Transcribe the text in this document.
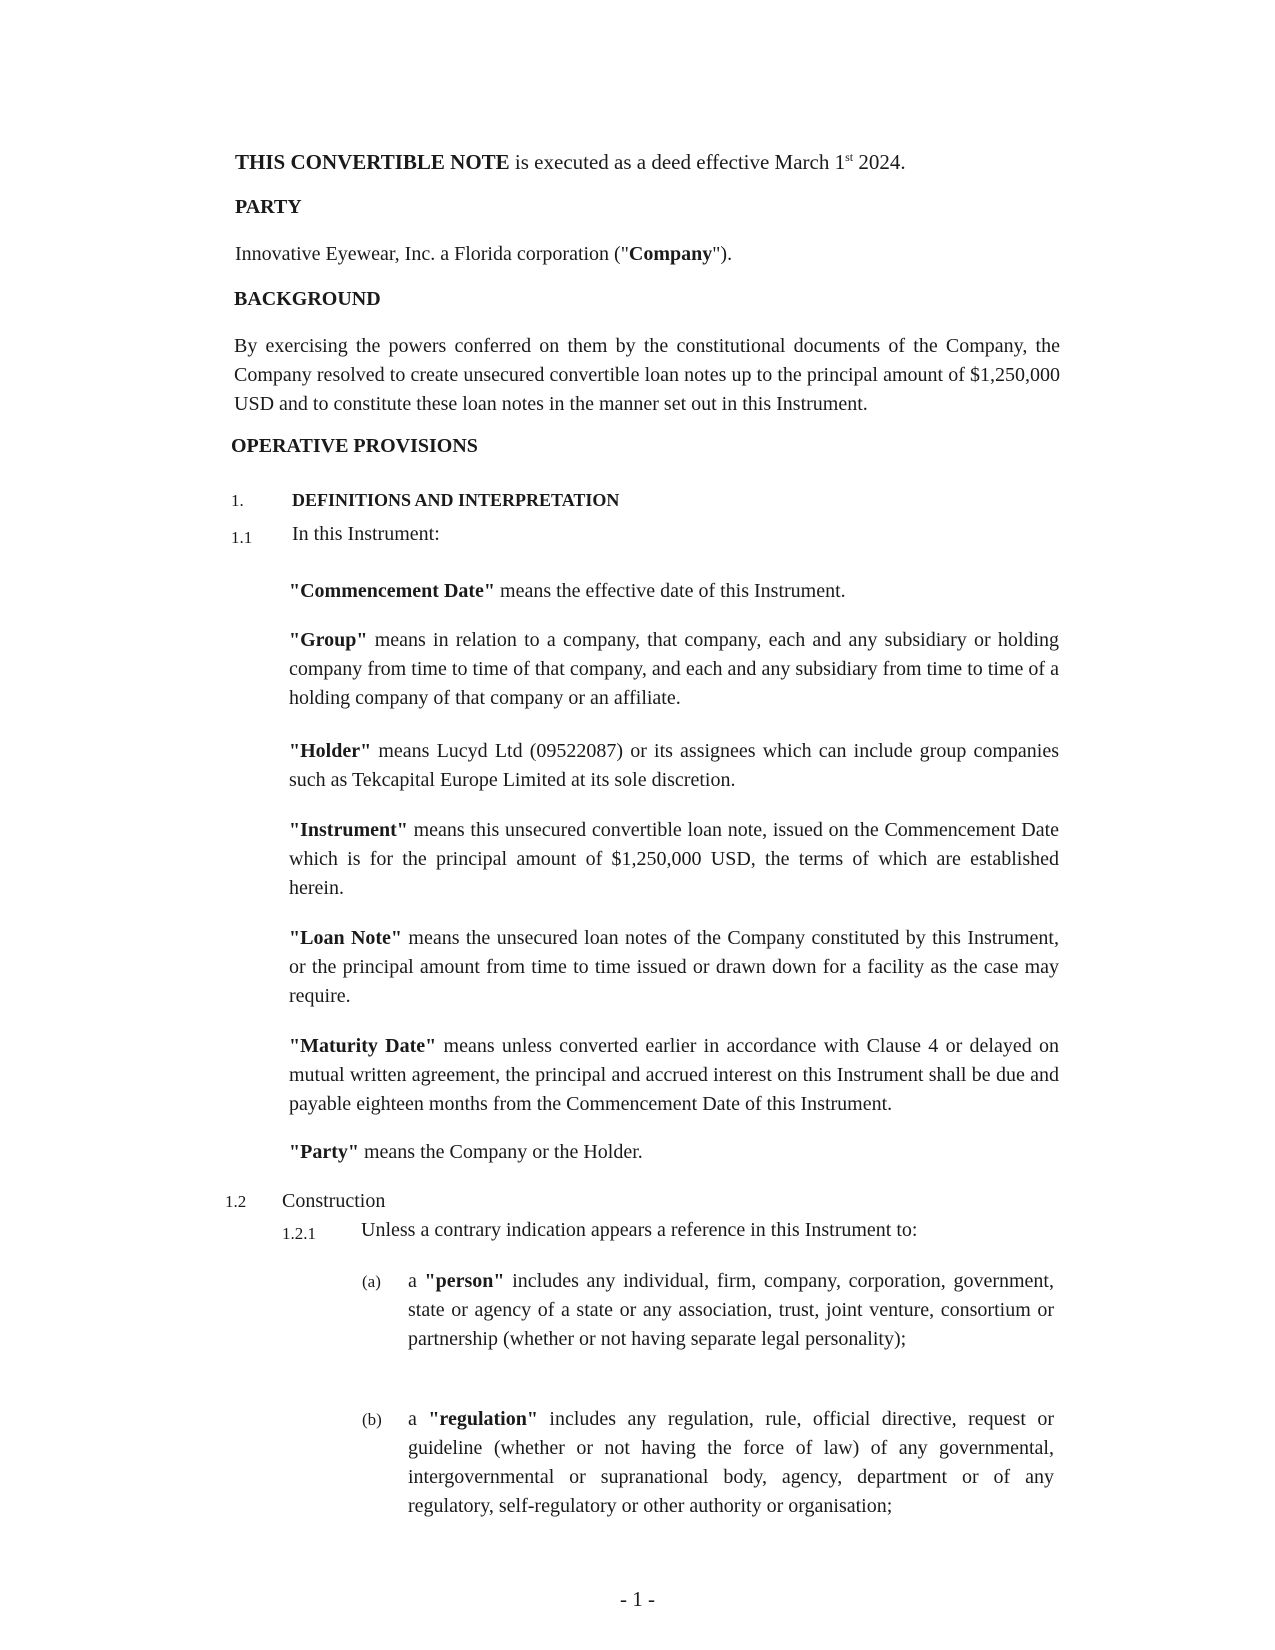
THIS CONVERTIBLE NOTE is executed as a deed effective March 1st 2024.

PARTY

Innovative Eyewear, Inc. a Florida corporation ("Company").

BACKGROUND

By exercising the powers conferred on them by the constitutional documents of the Company, the Company resolved to create unsecured convertible loan notes up to the principal amount of $1,250,000 USD and to constitute these loan notes in the manner set out in this Instrument.

OPERATIVE PROVISIONS

1.	DEFINITIONS AND INTERPRETATION
1.1 In this Instrument:

"Commencement Date" means the effective date of this Instrument.

"Group" means in relation to a company, that company, each and any subsidiary or holding company from time to time of that company, and each and any subsidiary from time to time of a holding company of that company or an affiliate.

"Holder" means Lucyd Ltd (09522087) or its assignees which can include group companies such as Tekcapital Europe Limited at its sole discretion.

"Instrument" means this unsecured convertible loan note, issued on the Commencement Date which is for the principal amount of $1,250,000 USD, the terms of which are established herein.

"Loan Note" means the unsecured loan notes of the Company constituted by this Instrument, or the principal amount from time to time issued or drawn down for a facility as the case may require.

"Maturity Date" means unless converted earlier in accordance with Clause 4 or delayed on mutual written agreement, the principal and accrued interest on this Instrument shall be due and payable eighteen months from the Commencement Date of this Instrument.

"Party" means the Company or the Holder.

1.2 Construction
1.2.1 Unless a contrary indication appears a reference in this Instrument to:
(a) a "person" includes any individual, firm, company, corporation, government, state or agency of a state or any association, trust, joint venture, consortium or partnership (whether or not having separate legal personality);

(b) a "regulation" includes any regulation, rule, official directive, request or guideline (whether or not having the force of law) of any governmental, intergovernmental or supranational body, agency, department or of any regulatory, self-regulatory or other authority or organisation;

- 1 -
